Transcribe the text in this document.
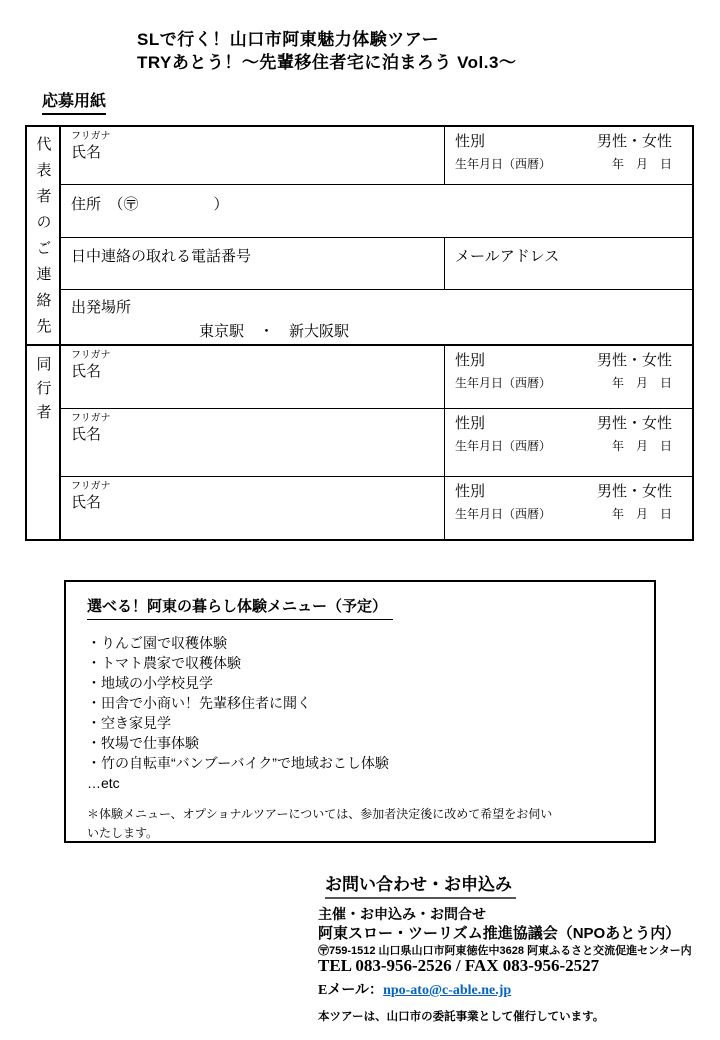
SLで行く！山口市阿東魅力体験ツアー
TRYあとう！～先輩移住者宅に泊まろう Vol.3～
応募用紙
代表者のご連絡先 フリガナ
氏名
性別	男性・女性
生年月日（西暦）	年　月　日
住所　（〶　　　　　）
日中連絡の取れる電話番号	メールアドレス
出発場所
東京駅　・　新大阪駅
同行者
フリガナ
氏名
性別	男性・女性
生年月日（西暦）	年　月　日
フリガナ
氏名
性別	男性・女性
生年月日（西暦）	年　月　日
フリガナ
氏名
性別	男性・女性
生年月日（西暦）	年　月　日
選べる！阿東の暮らし体験メニュー（予定）
・りんご園で収穫体験
・トマト農家で収穫体験
・地域の小学校見学
・田舎で小商い！先輩移住者に聞く
・空き家見学
・牧場で仕事体験
・竹の自転車“バンブーバイク”で地域おこし体験
…etc
＊体験メニュー、オプショナルツアーについては、参加者決定後に改めて希望をお伺い
いたします。
お問い合わせ・お申込み
主催・お申込み・お問合せ
阿東スロー・ツーリズム推進協議会（NPOあとう内）
〶759-1512 山口県山口市阿東徳佐中3628 阿東ふるさと交流促進センター内
TEL 083-956-2526 / FAX 083-956-2527
Eメール：npo-ato@c-able.ne.jp
本ツアーは、山口市の委託事業として催行しています。
